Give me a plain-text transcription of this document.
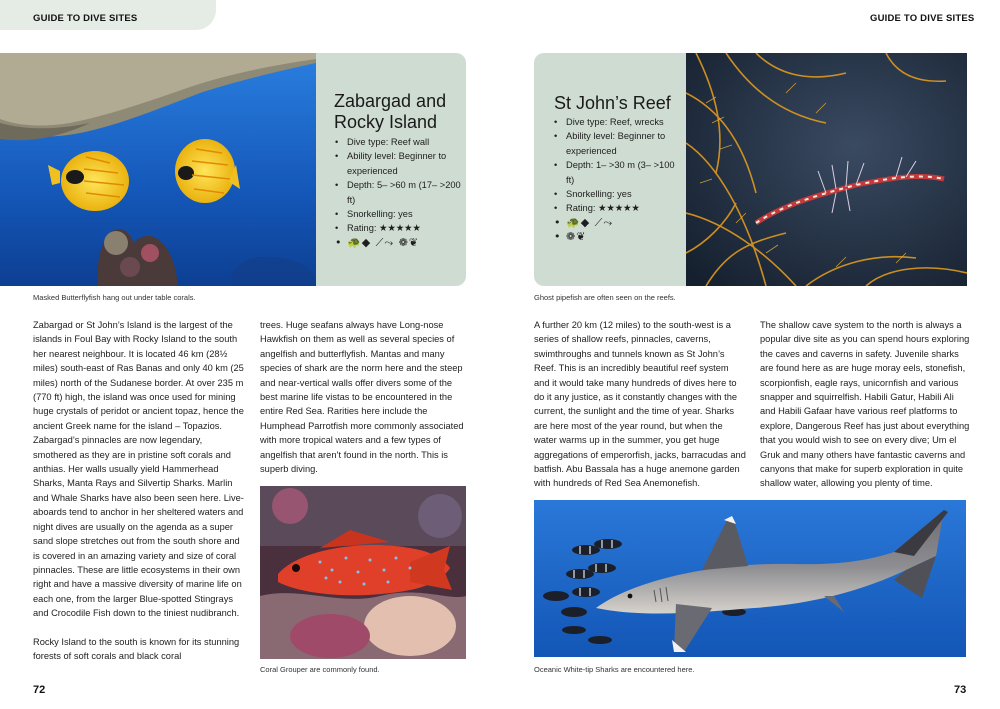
GUIDE TO DIVE SITES
Zabargad and
Rocky Island
• Dive type: Reef wall
• Ability level: Beginner to experienced
• Depth: 5– >60 m (17– >200 ft)
• Snorkelling: yes
• Rating: ★★★★★
• 🐢◆ ⟋⤳ ❁❦
Masked Butterflyfish hang out under table corals.

Zabargad or St John’s Island is the largest of the islands in Foul Bay with Rocky Island to the south her nearest neighbour. It is located 46 km (28½ miles) south-east of Ras Banas and only 40 km (25 miles) north of the Sudanese border. At over 235 m (770 ft) high, the island was once used for mining huge crystals of peridot or ancient topaz, hence the ancient Greek name for the island – Topazios. Zabargad’s pinnacles are now legendary, smothered as they are in pristine soft corals and anthias. Her walls usually yield Hammerhead Sharks, Manta Rays and Silvertip Sharks. Marlin and Whale Sharks have also been seen here. Live-aboards tend to anchor in her sheltered waters and night dives are usually on the agenda as a super sand slope stretches out from the south shore and is covered in an amazing variety and size of coral pinnacles. These are little ecosystems in their own right and have a massive diversity of marine life on each one, from the larger Blue-spotted Stingrays and Crocodile Fish down to the tiniest nudibranch.

Rocky Island to the south is known for its stunning forests of soft corals and black coral

trees. Huge seafans always have Long-nose Hawkfish on them as well as several species of angelfish and butterflyfish. Mantas and many species of shark are the norm here and the steep and near-vertical walls offer divers some of the best marine life vistas to be encountered in the entire Red Sea. Rarities here include the Humphead Parrotfish more commonly associated with more tropical waters and a few types of angelfish that aren’t found in the north. This is superb diving.

Coral Grouper are commonly found.
72
GUIDE TO DIVE SITES
St John’s Reef
• Dive type: Reef, wrecks
• Ability level: Beginner to experienced
• Depth: 1– >30 m (3– >100 ft)
• Snorkelling: yes
• Rating: ★★★★★
• 🐢◆ ⟋⤳
• ❁❦
Ghost pipefish are often seen on the reefs.

A further 20 km (12 miles) to the south-west is a series of shallow reefs, pinnacles, caverns, swimthroughs and tunnels known as St John’s Reef. This is an incredibly beautiful reef system and it would take many hundreds of dives here to do it any justice, as it constantly changes with the current, the sunlight and the time of year. Sharks are here most of the year round, but when the water warms up in the summer, you get huge aggregations of emperorfish, jacks, barracudas and batfish. Abu Bassala has a huge anemone garden with hundreds of Red Sea Anemonefish.

The shallow cave system to the north is always a popular dive site as you can spend hours exploring the caves and caverns in safety. Juvenile sharks are found here as are huge moray eels, stonefish, scorpionfish, eagle rays, unicornfish and various snapper and squirrelfish. Habili Gatur, Habili Ali and Habili Gafaar have various reef platforms to explore, Dangerous Reef has just about everything that you would wish to see on every dive; Um el Gruk and many others have fantastic caverns and canyons that make for superb exploration in quite shallow water, allowing you plenty of time.

Oceanic White-tip Sharks are encountered here.
73
